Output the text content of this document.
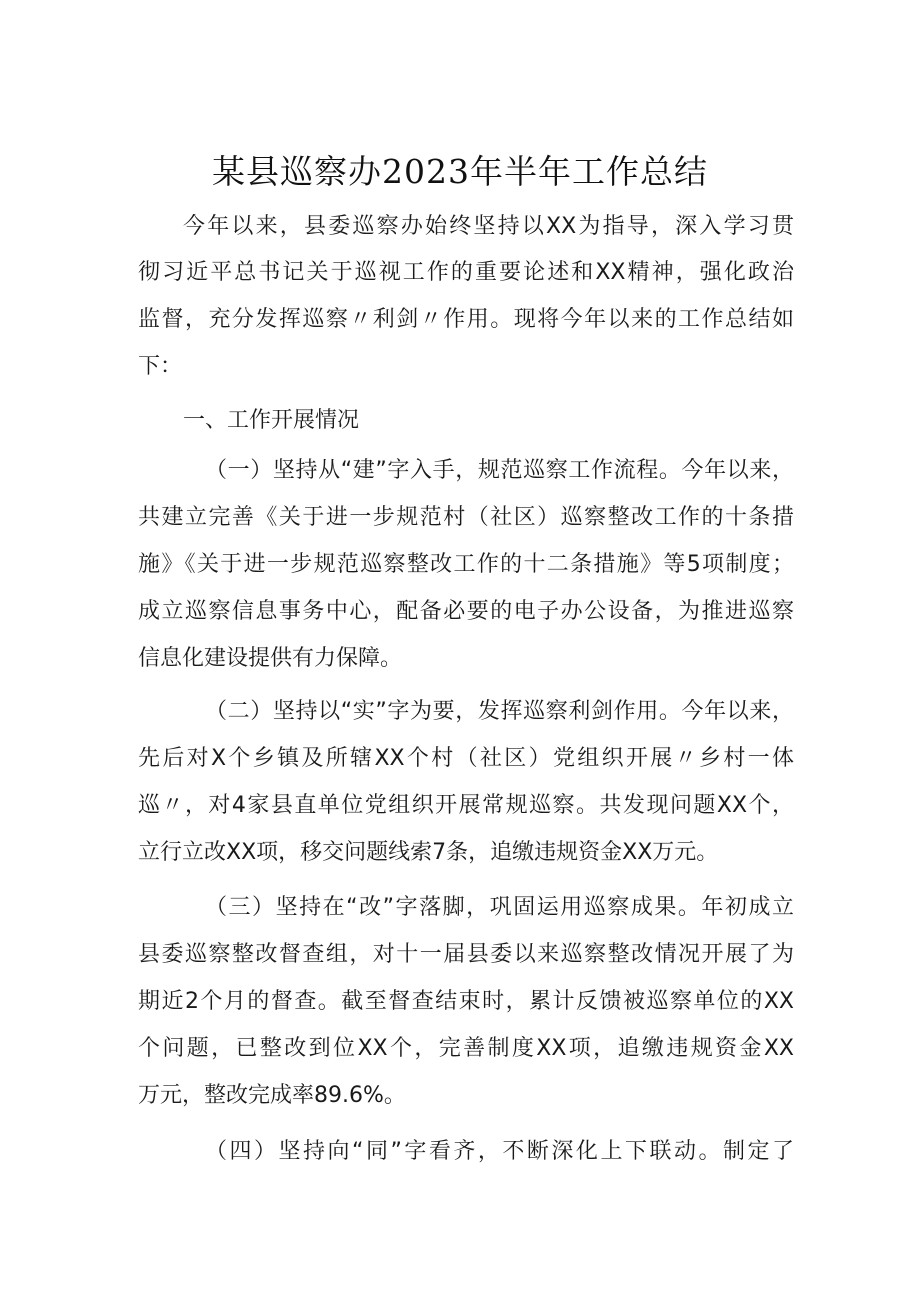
某县巡察办2023年半年工作总结
今年以来，县委巡察办始终坚持以XX为指导，深入学习贯
彻习近平总书记关于巡视工作的重要论述和XX精神，强化政治
监督，充分发挥巡察〃利剑〃作用。现将今年以来的工作总结如
下：
一、工作开展情况
（一）坚持从“建”字入手，规范巡察工作流程。今年以来，
共建立完善《关于进一步规范村（社区）巡察整改工作的十条措
施》《关于进一步规范巡察整改工作的十二条措施》等5项制度；
成立巡察信息事务中心，配备必要的电子办公设备，为推进巡察
信息化建设提供有力保障。
（二）坚持以“实”字为要，发挥巡察利剑作用。今年以来，
先后对X个乡镇及所辖XX个村（社区）党组织开展〃乡村一体
巡〃，对4家县直单位党组织开展常规巡察。共发现问题XX个，
立行立改XX项，移交问题线索7条，追缴违规资金XX万元。
（三）坚持在“改”字落脚，巩固运用巡察成果。年初成立
县委巡察整改督查组，对十一届县委以来巡察整改情况开展了为
期近2个月的督查。截至督查结束时，累计反馈被巡察单位的XX
个问题，已整改到位XX个，完善制度XX项，追缴违规资金XX
万元，整改完成率89.6%。
（四）坚持向“同”字看齐，不断深化上下联动。制定了
